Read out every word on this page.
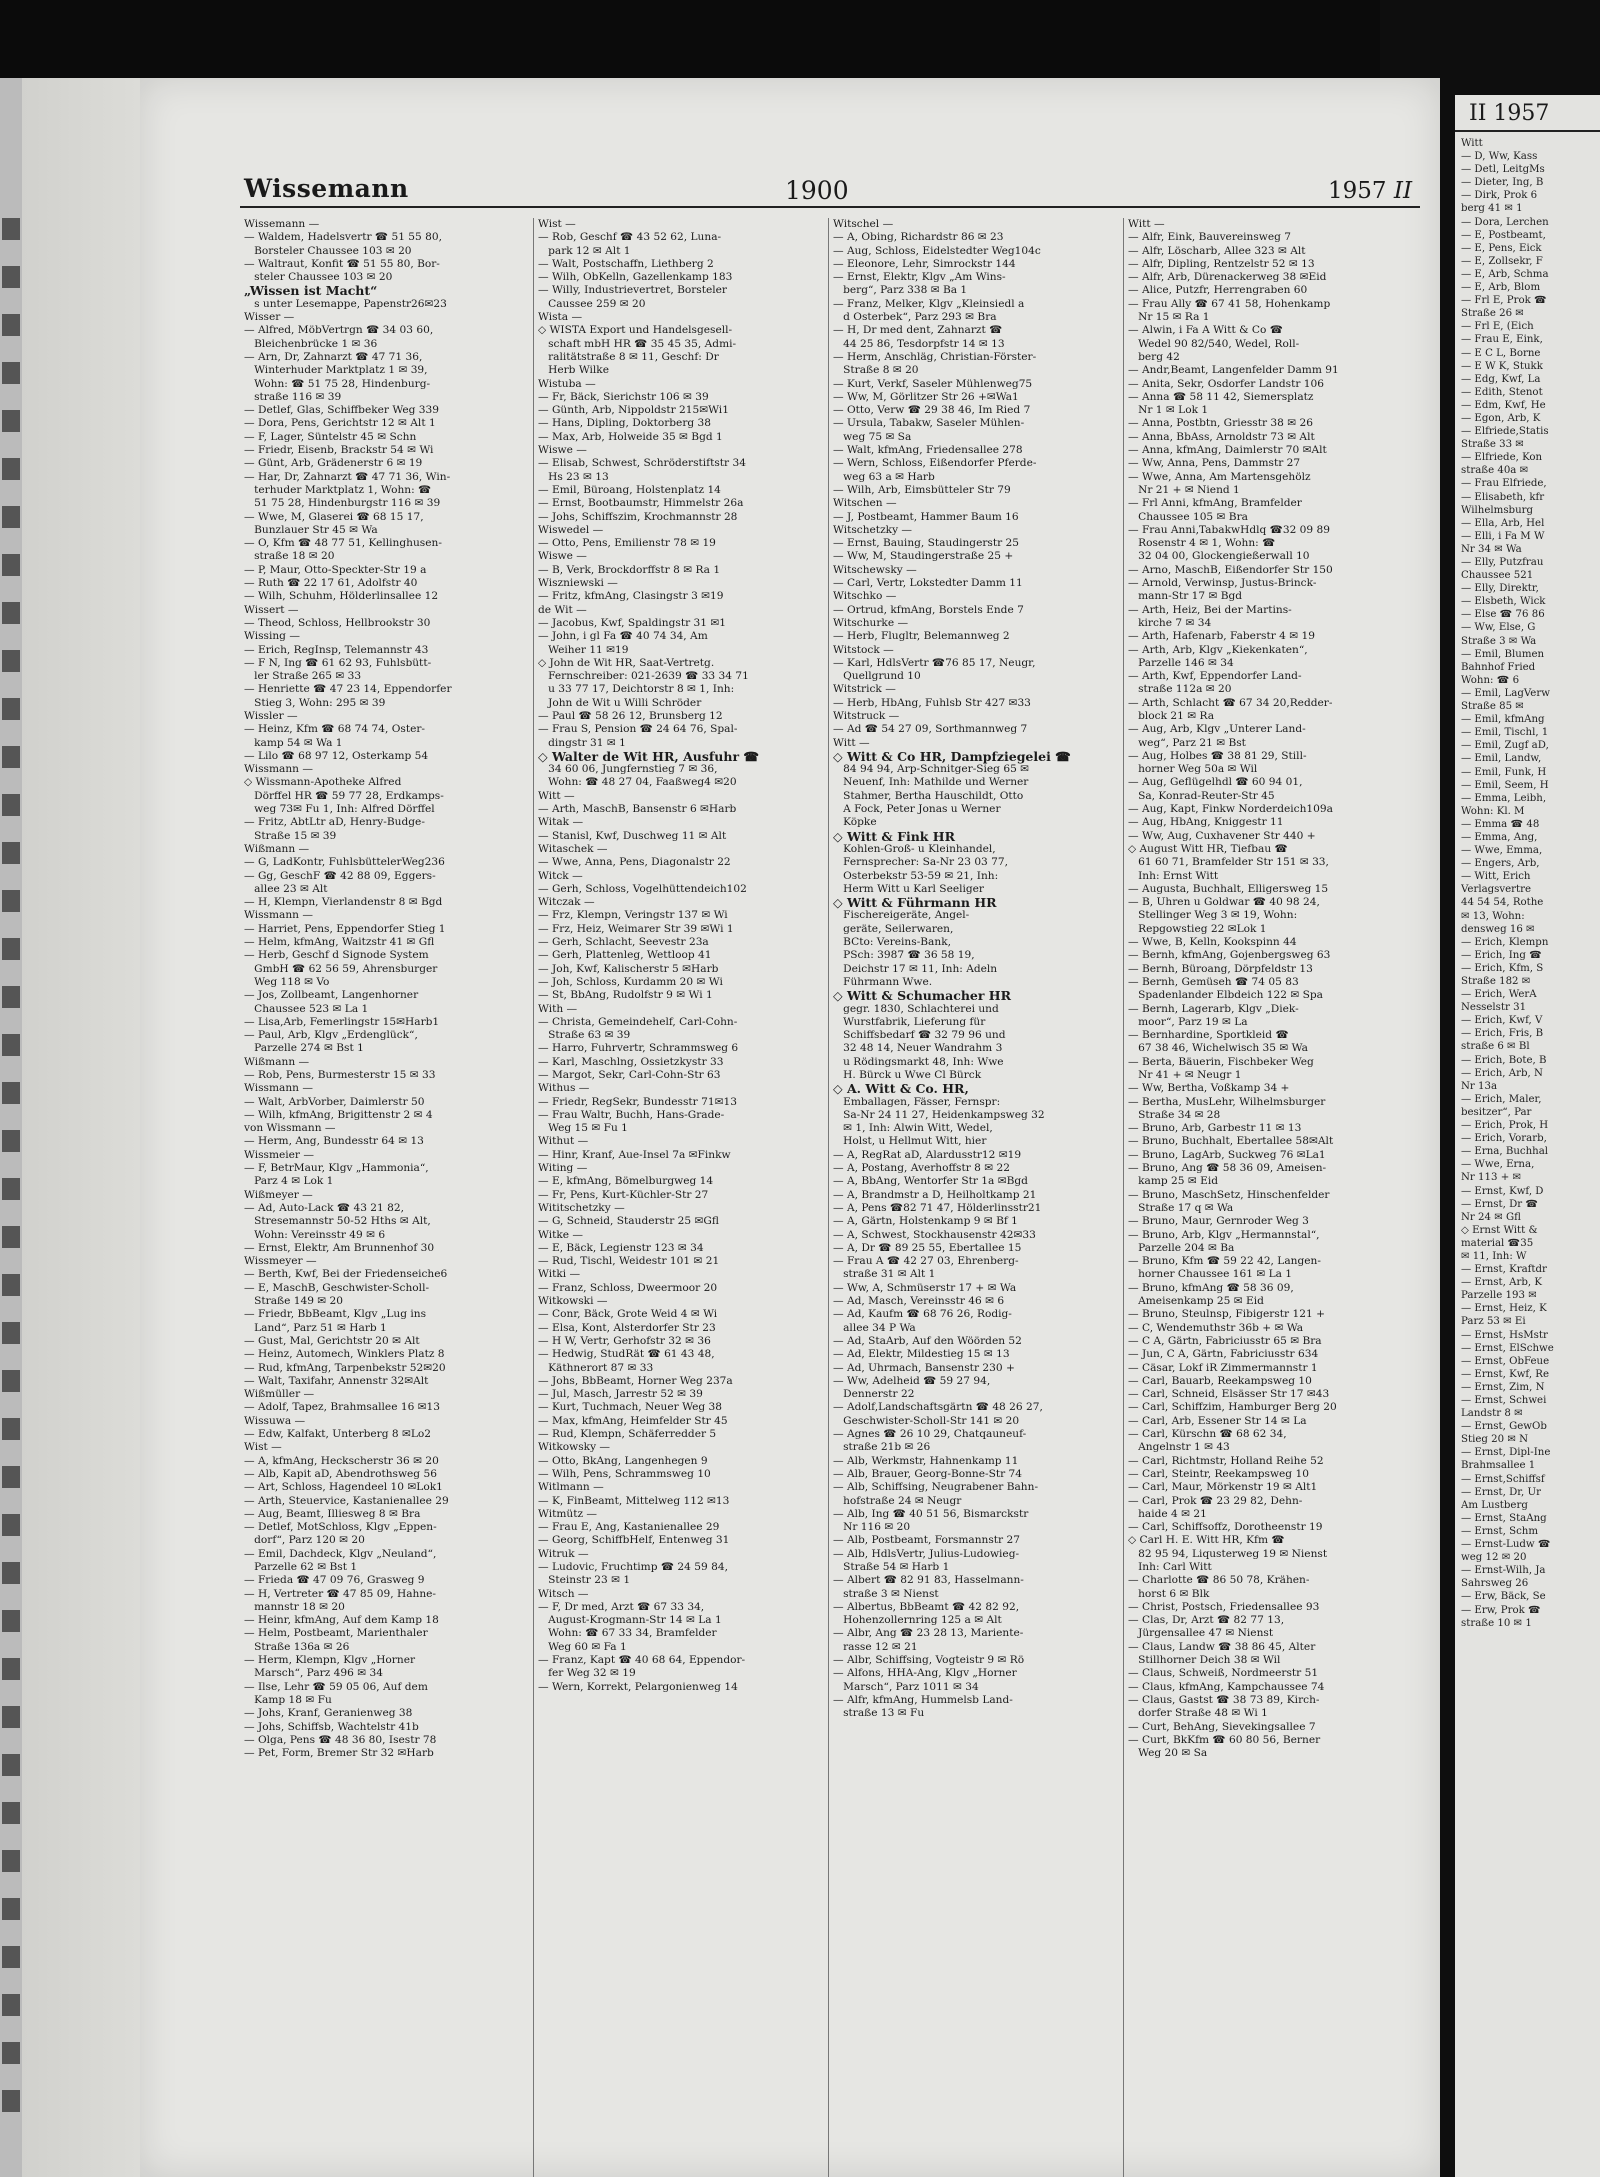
Wissemann	1900	1957 II
Wissemann —
— Waldem, Hadelsvertr ☎ 51 55 80,
Borsteler Chaussee 103 ✉ 20
— Waltraut, Konfit ☎ 51 55 80, Bor-
steler Chaussee 103 ✉ 20
„Wissen ist Macht“
s unter Lesemappe, Papenstr26✉23
Wisser —
— Alfred, MöbVertrgn ☎ 34 03 60,
Bleichenbrücke 1 ✉ 36
— Arn, Dr, Zahnarzt ☎ 47 71 36,
Winterhuder Marktplatz 1 ✉ 39,
Wohn: ☎ 51 75 28, Hindenburg-
straße 116 ✉ 39
— Detlef, Glas, Schiffbeker Weg 339
— Dora, Pens, Gerichtstr 12 ✉ Alt 1
— F, Lager, Süntelstr 45 ✉ Schn
— Friedr, Eisenb, Brackstr 54 ✉ Wi
— Günt, Arb, Grädenerstr 6 ✉ 19
— Har, Dr, Zahnarzt ☎ 47 71 36, Win-
terhuder Marktplatz 1, Wohn: ☎
51 75 28, Hindenburgstr 116 ✉ 39
— Wwe, M, Glaserei ☎ 68 15 17,
Bunzlauer Str 45 ✉ Wa
— O, Kfm ☎ 48 77 51, Kellinghusen-
straße 18 ✉ 20
— P, Maur, Otto-Speckter-Str 19 a
— Ruth ☎ 22 17 61, Adolfstr 40
— Wilh, Schuhm, Hölderlinsallee 12
Wissert —
— Theod, Schloss, Hellbrookstr 30
Wissing —
— Erich, RegInsp, Telemannstr 43
— F N, Ing ☎ 61 62 93, Fuhlsbütt-
ler Straße 265 ✉ 33
— Henriette ☎ 47 23 14, Eppendorfer
Stieg 3, Wohn: 295 ✉ 39
Wissler —
— Heinz, Kfm ☎ 68 74 74, Oster-
kamp 54 ✉ Wa 1
— Lilo ☎ 68 97 12, Osterkamp 54
Wissmann —
◇ Wissmann-Apotheke Alfred
Dörffel HR ☎ 59 77 28, Erdkamps-
weg 73✉ Fu 1, Inh: Alfred Dörffel
— Fritz, AbtLtr aD, Henry-Budge-
Straße 15 ✉ 39
Wißmann —
— G, LadKontr, FuhlsbüttelerWeg236
— Gg, GeschF ☎ 42 88 09, Eggers-
allee 23 ✉ Alt
— H, Klempn, Vierlandenstr 8 ✉ Bgd
Wissmann —
— Harriet, Pens, Eppendorfer Stieg 1
— Helm, kfmAng, Waitzstr 41 ✉ Gfl
— Herb, Geschf d Signode System
GmbH ☎ 62 56 59, Ahrensburger
Weg 118 ✉ Vo
— Jos, Zollbeamt, Langenhorner
Chaussee 523 ✉ La 1
— Lisa,Arb, Femerlingstr 15✉Harb1
— Paul, Arb, Klgv „Erdenglück“,
Parzelle 274 ✉ Bst 1
Wißmann —
— Rob, Pens, Burmesterstr 15 ✉ 33
Wissmann —
— Walt, ArbVorber, Daimlerstr 50
— Wilh, kfmAng, Brigittenstr 2 ✉ 4
von Wissmann —
— Herm, Ang, Bundesstr 64 ✉ 13
Wissmeier —
— F, BetrMaur, Klgv „Hammonia“,
Parz 4 ✉ Lok 1
Wißmeyer —
— Ad, Auto-Lack ☎ 43 21 82,
Stresemannstr 50-52 Hths ✉ Alt,
Wohn: Vereinsstr 49 ✉ 6
— Ernst, Elektr, Am Brunnenhof 30
Wissmeyer —
— Berth, Kwf, Bei der Friedenseiche6
— E, MaschB, Geschwister-Scholl-
Straße 149 ✉ 20
— Friedr, BbBeamt, Klgv „Lug ins
Land“, Parz 51 ✉ Harb 1
— Gust, Mal, Gerichtstr 20 ✉ Alt
— Heinz, Automech, Winklers Platz 8
— Rud, kfmAng, Tarpenbekstr 52✉20
— Walt, Taxifahr, Annenstr 32✉Alt
Wißmüller —
— Adolf, Tapez, Brahmsallee 16 ✉13
Wissuwa —
— Edw, Kalfakt, Unterberg 8 ✉Lo2
Wist —
— A, kfmAng, Heckscherstr 36 ✉ 20
— Alb, Kapit aD, Abendrothsweg 56
— Art, Schloss, Hagendeel 10 ✉Lok1
— Arth, Steuervice, Kastanienallee 29
— Aug, Beamt, Illiesweg 8 ✉ Bra
— Detlef, MotSchloss, Klgv „Eppen-
dorf“, Parz 120 ✉ 20
— Emil, Dachdeck, Klgv „Neuland“,
Parzelle 62 ✉ Bst 1
— Frieda ☎ 47 09 76, Grasweg 9
— H, Vertreter ☎ 47 85 09, Hahne-
mannstr 18 ✉ 20
— Heinr, kfmAng, Auf dem Kamp 18
— Helm, Postbeamt, Marienthaler
Straße 136a ✉ 26
— Herm, Klempn, Klgv „Horner
Marsch“, Parz 496 ✉ 34
— Ilse, Lehr ☎ 59 05 06, Auf dem
Kamp 18 ✉ Fu
— Johs, Kranf, Geranienweg 38
— Johs, Schiffsb, Wachtelstr 41b
— Olga, Pens ☎ 48 36 80, Isestr 78
— Pet, Form, Bremer Str 32 ✉Harb
Wist —
— Rob, Geschf ☎ 43 52 62, Luna-
park 12 ✉ Alt 1
— Walt, Postschaffn, Liethberg 2
— Wilh, ObKelln, Gazellenkamp 183
— Willy, Industrievertret, Borsteler
Caussee 259 ✉ 20
Wista —
◇ WISTA Export und Handelsgesell-
schaft mbH HR ☎ 35 45 35, Admi-
ralitätstraße 8 ✉ 11, Geschf: Dr
Herb Wilke
Wistuba —
— Fr, Bäck, Sierichstr 106 ✉ 39
— Günth, Arb, Nippoldstr 215✉Wi1
— Hans, Dipling, Doktorberg 38
— Max, Arb, Holweide 35 ✉ Bgd 1
Wiswe —
— Elisab, Schwest, Schröderstiftstr 34
Hs 23 ✉ 13
— Emil, Büroang, Holstenplatz 14
— Ernst, Bootbaumstr, Himmelstr 26a
— Johs, Schiffszim, Krochmannstr 28
Wiswedel —
— Otto, Pens, Emilienstr 78 ✉ 19
Wiswe —
— B, Verk, Brockdorffstr 8 ✉ Ra 1
Wiszniewski —
— Fritz, kfmAng, Clasingstr 3 ✉19
de Wit —
— Jacobus, Kwf, Spaldingstr 31 ✉1
— John, i gl Fa ☎ 40 74 34, Am
Weiher 11 ✉19
◇ John de Wit HR, Saat-Vertretg.
Fernschreiber: 021-2639 ☎ 33 34 71
u 33 77 17, Deichtorstr 8 ✉ 1, Inh:
John de Wit u Willi Schröder
— Paul ☎ 58 26 12, Brunsberg 12
— Frau S, Pension ☎ 24 64 76, Spal-
dingstr 31 ✉ 1
◇ Walter de Wit HR, Ausfuhr ☎
34 60 06, Jungfernstieg 7 ✉ 36,
Wohn: ☎ 48 27 04, Faaßweg4 ✉20
Witt —
— Arth, MaschB, Bansenstr 6 ✉Harb
Witak —
— Stanisl, Kwf, Duschweg 11 ✉ Alt
Witaschek —
— Wwe, Anna, Pens, Diagonalstr 22
Witck —
— Gerh, Schloss, Vogelhüttendeich102
Witczak —
— Frz, Klempn, Veringstr 137 ✉ Wi
— Frz, Heiz, Weimarer Str 39 ✉Wi 1
— Gerh, Schlacht, Seevestr 23a
— Gerh, Plattenleg, Wettloop 41
— Joh, Kwf, Kalischerstr 5 ✉Harb
— Joh, Schloss, Kurdamm 20 ✉ Wi
— St, BbAng, Rudolfstr 9 ✉ Wi 1
With —
— Christa, Gemeindehelf, Carl-Cohn-
Straße 63 ✉ 39
— Harro, Fuhrvertr, Schrammsweg 6
— Karl, Maschlng, Ossietzkystr 33
— Margot, Sekr, Carl-Cohn-Str 63
Withus —
— Friedr, RegSekr, Bundesstr 71✉13
— Frau Waltr, Buchh, Hans-Grade-
Weg 15 ✉ Fu 1
Withut —
— Hinr, Kranf, Aue-Insel 7a ✉Finkw
Witing —
— E, kfmAng, Bömelburgweg 14
— Fr, Pens, Kurt-Küchler-Str 27
Wititschetzky —
— G, Schneid, Stauderstr 25 ✉Gfl
Witke —
— E, Bäck, Legienstr 123 ✉ 34
— Rud, Tischl, Weidestr 101 ✉ 21
Witki —
— Franz, Schloss, Dweermoor 20
Witkowski —
— Conr, Bäck, Grote Weid 4 ✉ Wi
— Elsa, Kont, Alsterdorfer Str 23
— H W, Vertr, Gerhofstr 32 ✉ 36
— Hedwig, StudRät ☎ 61 43 48,
Käthnerort 87 ✉ 33
— Johs, BbBeamt, Horner Weg 237a
— Jul, Masch, Jarrestr 52 ✉ 39
— Kurt, Tuchmach, Neuer Weg 38
— Max, kfmAng, Heimfelder Str 45
— Rud, Klempn, Schäferredder 5
Witkowsky —
— Otto, BkAng, Langenhegen 9
— Wilh, Pens, Schrammsweg 10
Witlmann —
— K, FinBeamt, Mittelweg 112 ✉13
Witmütz —
— Frau E, Ang, Kastanienallee 29
— Georg, SchiffbHelf, Entenweg 31
Witruk —
— Ludovic, Fruchtimp ☎ 24 59 84,
Steinstr 23 ✉ 1
Witsch —
— F, Dr med, Arzt ☎ 67 33 34,
August-Krogmann-Str 14 ✉ La 1
Wohn: ☎ 67 33 34, Bramfelder
Weg 60 ✉ Fa 1
— Franz, Kapt ☎ 40 68 64, Eppendor-
fer Weg 32 ✉ 19
— Wern, Korrekt, Pelargonienweg 14
Witschel —
— A, Obing, Richardstr 86 ✉ 23
— Aug, Schloss, Eidelstedter Weg104c
— Eleonore, Lehr, Simrockstr 144
— Ernst, Elektr, Klgv „Am Wins-
berg“, Parz 338 ✉ Ba 1
— Franz, Melker, Klgv „Kleinsiedl a
d Osterbek“, Parz 293 ✉ Bra
— H, Dr med dent, Zahnarzt ☎
44 25 86, Tesdorpfstr 14 ✉ 13
— Herm, Anschläg, Christian-Förster-
Straße 8 ✉ 20
— Kurt, Verkf, Saseler Mühlenweg75
— Ww, M, Görlitzer Str 26 +✉Wa1
— Otto, Verw ☎ 29 38 46, Im Ried 7
— Ursula, Tabakw, Saseler Mühlen-
weg 75 ✉ Sa
— Walt, kfmAng, Friedensallee 278
— Wern, Schloss, Eißendorfer Pferde-
weg 63 a ✉ Harb
— Wilh, Arb, Eimsbütteler Str 79
Witschen —
— J, Postbeamt, Hammer Baum 16
Witschetzky —
— Ernst, Bauing, Staudingerstr 25
— Ww, M, Staudingerstraße 25 +
Witschewsky —
— Carl, Vertr, Lokstedter Damm 11
Witschko —
— Ortrud, kfmAng, Borstels Ende 7
Witschurke —
— Herb, Flugltr, Belemannweg 2
Witstock —
— Karl, HdlsVertr ☎76 85 17, Neugr,
Quellgrund 10
Witstrick —
— Herb, HbAng, Fuhlsb Str 427 ✉33
Witstruck —
— Ad ☎ 54 27 09, Sorthmannweg 7
Witt —
◇ Witt & Co HR, Dampfziegelei ☎
84 94 94, Arp-Schnitger-Sieg 65 ✉
Neuenf, Inh: Mathilde und Werner
Stahmer, Bertha Hauschildt, Otto
A Fock, Peter Jonas u Werner
Köpke
◇ Witt & Fink HR
Kohlen-Groß- u Kleinhandel,
Fernsprecher: Sa-Nr 23 03 77,
Osterbekstr 53-59 ✉ 21, Inh:
Herm Witt u Karl Seeliger
◇ Witt & Führmann HR
Fischereigeräte, Angel-
geräte, Seilerwaren,
BCto: Vereins-Bank,
PSch: 3987 ☎ 36 58 19,
Deichstr 17 ✉ 11, Inh: Adeln
Führmann Wwe.
◇ Witt & Schumacher HR
gegr. 1830, Schlachterei und
Wurstfabrik, Lieferung für
Schiffsbedarf ☎ 32 79 96 und
32 48 14, Neuer Wandrahm 3
u Rödingsmarkt 48, Inh: Wwe
H. Bürck u Wwe Cl Bürck
◇ A. Witt & Co. HR,
Emballagen, Fässer, Fernspr:
Sa-Nr 24 11 27, Heidenkampsweg 32
✉ 1, Inh: Alwin Witt, Wedel,
Holst, u Hellmut Witt, hier
— A, RegRat aD, Alardusstr12 ✉19
— A, Postang, Averhoffstr 8 ✉ 22
— A, BbAng, Wentorfer Str 1a ✉Bgd
— A, Brandmstr a D, Heilholtkamp 21
— A, Pens ☎82 71 47, Hölderlinsstr21
— A, Gärtn, Holstenkamp 9 ✉ Bf 1
— A, Schwest, Stockhausenstr 42✉33
— A, Dr ☎ 89 25 55, Ebertallee 15
— Frau A ☎ 42 27 03, Ehrenberg-
straße 31 ✉ Alt 1
— Ww, A, Schmüserstr 17 + ✉ Wa
— Ad, Masch, Vereinsstr 46 ✉ 6
— Ad, Kaufm ☎ 68 76 26, Rodig-
allee 34 P Wa
— Ad, StaArb, Auf den Wöörden 52
— Ad, Elektr, Mildestieg 15 ✉ 13
— Ad, Uhrmach, Bansenstr 230 +
— Ww, Adelheid ☎ 59 27 94,
Dennerstr 22
— Adolf,Landschaftsgärtn ☎ 48 26 27,
Geschwister-Scholl-Str 141 ✉ 20
— Agnes ☎ 26 10 29, Chatqauneuf-
straße 21b ✉ 26
— Alb, Werkmstr, Hahnenkamp 11
— Alb, Brauer, Georg-Bonne-Str 74
— Alb, Schiffsing, Neugrabener Bahn-
hofstraße 24 ✉ Neugr
— Alb, Ing ☎ 40 51 56, Bismarckstr
Nr 116 ✉ 20
— Alb, Postbeamt, Forsmannstr 27
— Alb, HdlsVertr, Julius-Ludowieg-
Straße 54 ✉ Harb 1
— Albert ☎ 82 91 83, Hasselmann-
straße 3 ✉ Nienst
— Albertus, BbBeamt ☎ 42 82 92,
Hohenzollernring 125 a ✉ Alt
— Albr, Ang ☎ 23 28 13, Mariente-
rasse 12 ✉ 21
— Albr, Schiffsing, Vogteistr 9 ✉ Rö
— Alfons, HHA-Ang, Klgv „Horner
Marsch“, Parz 1011 ✉ 34
— Alfr, kfmAng, Hummelsb Land-
straße 13 ✉ Fu
Witt —
— Alfr, Eink, Bauvereinsweg 7
— Alfr, Löscharb, Allee 323 ✉ Alt
— Alfr, Dipling, Rentzelstr 52 ✉ 13
— Alfr, Arb, Dürenackerweg 38 ✉Eid
— Alice, Putzfr, Herrengraben 60
— Frau Ally ☎ 67 41 58, Hohenkamp
Nr 15 ✉ Ra 1
— Alwin, i Fa A Witt & Co ☎
Wedel 90 82/540, Wedel, Roll-
berg 42
— Andr,Beamt, Langenfelder Damm 91
— Anita, Sekr, Osdorfer Landstr 106
— Anna ☎ 58 11 42, Siemersplatz
Nr 1 ✉ Lok 1
— Anna, Postbtn, Griesstr 38 ✉ 26
— Anna, BbAss, Arnoldstr 73 ✉ Alt
— Anna, kfmAng, Daimlerstr 70 ✉Alt
— Ww, Anna, Pens, Dammstr 27
— Wwe, Anna, Am Martensgehölz
Nr 21 + ✉ Niend 1
— Frl Anni, kfmAng, Bramfelder
Chaussee 105 ✉ Bra
— Frau Anni,TabakwHdlq ☎32 09 89
Rosenstr 4 ✉ 1, Wohn: ☎
32 04 00, Glockengießerwall 10
— Arno, MaschB, Eißendorfer Str 150
— Arnold, Verwinsp, Justus-Brinck-
mann-Str 17 ✉ Bgd
— Arth, Heiz, Bei der Martins-
kirche 7 ✉ 34
— Arth, Hafenarb, Faberstr 4 ✉ 19
— Arth, Arb, Klgv „Kiekenkaten“,
Parzelle 146 ✉ 34
— Arth, Kwf, Eppendorfer Land-
straße 112a ✉ 20
— Arth, Schlacht ☎ 67 34 20,Redder-
block 21 ✉ Ra
— Aug, Arb, Klgv „Unterer Land-
weg“, Parz 21 ✉ Bst
— Aug, Holbes ☎ 38 81 29, Still-
horner Weg 50a ✉ Wil
— Aug, Geflügelhdl ☎ 60 94 01,
Sa, Konrad-Reuter-Str 45
— Aug, Kapt, Finkw Norderdeich109a
— Aug, HbAng, Kniggestr 11
— Ww, Aug, Cuxhavener Str 440 +
◇ August Witt HR, Tiefbau ☎
61 60 71, Bramfelder Str 151 ✉ 33,
Inh: Ernst Witt
— Augusta, Buchhalt, Elligersweg 15
— B, Uhren u Goldwar ☎ 40 98 24,
Stellinger Weg 3 ✉ 19, Wohn:
Repgowstieg 22 ✉Lok 1
— Wwe, B, Kelln, Kookspinn 44
— Bernh, kfmAng, Gojenbergsweg 63
— Bernh, Büroang, Dörpfeldstr 13
— Bernh, Gemüseh ☎ 74 05 83
Spadenlander Elbdeich 122 ✉ Spa
— Bernh, Lagerarb, Klgv „Diek-
moor“, Parz 19 ✉ La
— Bernhardine, Sportkleid ☎
67 38 46, Wichelwisch 35 ✉ Wa
— Berta, Bäuerin, Fischbeker Weg
Nr 41 + ✉ Neugr 1
— Ww, Bertha, Voßkamp 34 +
— Bertha, MusLehr, Wilhelmsburger
Straße 34 ✉ 28
— Bruno, Arb, Garbestr 11 ✉ 13
— Bruno, Buchhalt, Ebertallee 58✉Alt
— Bruno, LagArb, Suckweg 76 ✉La1
— Bruno, Ang ☎ 58 36 09, Ameisen-
kamp 25 ✉ Eid
— Bruno, MaschSetz, Hinschenfelder
Straße 17 q ✉ Wa
— Bruno, Maur, Gernroder Weg 3
— Bruno, Arb, Klgv „Hermannstal“,
Parzelle 204 ✉ Ba
— Bruno, Kfm ☎ 59 22 42, Langen-
horner Chaussee 161 ✉ La 1
— Bruno, kfmAng ☎ 58 36 09,
Ameisenkamp 25 ✉ Eid
— Bruno, Steulnsp, Fibigerstr 121 +
— C, Wendemuthstr 36b + ✉ Wa
— C A, Gärtn, Fabriciusstr 65 ✉ Bra
— Jun, C A, Gärtn, Fabriciusstr 634
— Cäsar, Lokf iR Zimmermannstr 1
— Carl, Bauarb, Reekampsweg 10
— Carl, Schneid, Elsässer Str 17 ✉43
— Carl, Schiffzim, Hamburger Berg 20
— Carl, Arb, Essener Str 14 ✉ La
— Carl, Kürschn ☎ 68 62 34,
Angelnstr 1 ✉ 43
— Carl, Richtmstr, Holland Reihe 52
— Carl, Steintr, Reekampsweg 10
— Carl, Maur, Mörkenstr 19 ✉ Alt1
— Carl, Prok ☎ 23 29 82, Dehn-
haide 4 ✉ 21
— Carl, Schiffsoffz, Dorotheenstr 19
◇ Carl H. E. Witt HR, Kfm ☎
82 95 94, Liqusterweg 19 ✉ Nienst
Inh: Carl Witt
— Charlotte ☎ 86 50 78, Krähen-
horst 6 ✉ Blk
— Christ, Postsch, Friedensallee 93
— Clas, Dr, Arzt ☎ 82 77 13,
Jürgensallee 47 ✉ Nienst
— Claus, Landw ☎ 38 86 45, Alter
Stillhorner Deich 38 ✉ Wil
— Claus, Schweiß, Nordmeerstr 51
— Claus, kfmAng, Kampchaussee 74
— Claus, Gastst ☎ 38 73 89, Kirch-
dorfer Straße 48 ✉ Wi 1
— Curt, BehAng, Sievekingsallee 7
— Curt, BkKfm ☎ 60 80 56, Berner
Weg 20 ✉ Sa
II 1957
Witt
— D, Ww, Kass
— Detl, LeitgMs
— Dieter, Ing, B
— Dirk, Prok 6
berg 41 ✉ 1
— Dora, Lerchen
— E, Postbeamt,
— E, Pens, Eick
— E, Zollsekr, F
— E, Arb, Schma
— E, Arb, Blom
— Frl E, Prok ☎
Straße 26 ✉
— Frl E, (Eich
— Frau E, Eink,
— E C L, Borne
— E W K, Stukk
— Edg, Kwf, La
— Edith, Stenot
— Edm, Kwf, He
— Egon, Arb, K
— Elfriede,Statis
Straße 33 ✉
— Elfriede, Kon
straße 40a ✉
— Frau Elfriede,
— Elisabeth, kfr
Wilhelmsburg
— Ella, Arb, Hel
— Elli, i Fa M W
Nr 34 ✉ Wa
— Elly, Putzfrau
Chaussee 521
— Elly, Direktr,
— Elsbeth, Wick
— Else ☎ 76 86
— Ww, Else, G
Straße 3 ✉ Wa
— Emil, Blumen
Bahnhof Fried
Wohn: ☎ 6
— Emil, LagVerw
Straße 85 ✉
— Emil, kfmAng
— Emil, Tischl, 1
— Emil, Zugf aD,
— Emil, Landw,
— Emil, Funk, H
— Emil, Seem, H
— Emma, Leibh,
Wohn: Kl. M
— Emma ☎ 48
— Emma, Ang,
— Wwe, Emma,
— Engers, Arb,
— Witt, Erich
Verlagsvertre
44 54 54, Rothe
✉ 13, Wohn:
densweg 16 ✉
— Erich, Klempn
— Erich, Ing ☎
— Erich, Kfm, S
Straße 182 ✉
— Erich, WerA
Nesselstr 31
— Erich, Kwf, V
— Erich, Fris, B
straße 6 ✉ Bl
— Erich, Bote, B
— Erich, Arb, N
Nr 13a
— Erich, Maler,
besitzer“, Par
— Erich, Prok, H
— Erich, Vorarb,
— Erna, Buchhal
— Wwe, Erna,
Nr 113 + ✉
— Ernst, Kwf, D
— Ernst, Dr ☎
Nr 24 ✉ Gfl
◇ Ernst Witt &
material ☎35
✉ 11, Inh: W
— Ernst, Kraftdr
— Ernst, Arb, K
Parzelle 193 ✉
— Ernst, Heiz, K
Parz 53 ✉ Ei
— Ernst, HsMstr
— Ernst, ElSchwe
— Ernst, ObFeue
— Ernst, Kwf, Re
— Ernst, Zim, N
— Ernst, Schwei
Landstr 8 ✉
— Ernst, GewOb
Stieg 20 ✉ N
— Ernst, Dipl-Ine
Brahmsallee 1
— Ernst,Schiffsf
— Ernst, Dr, Ur
Am Lustberg
— Ernst, StaAng
— Ernst, Schm
— Ernst-Ludw ☎
weg 12 ✉ 20
— Ernst-Wilh, Ja
Sahrsweg 26
— Erw, Bäck, Se
— Erw, Prok ☎
straße 10 ✉ 1
